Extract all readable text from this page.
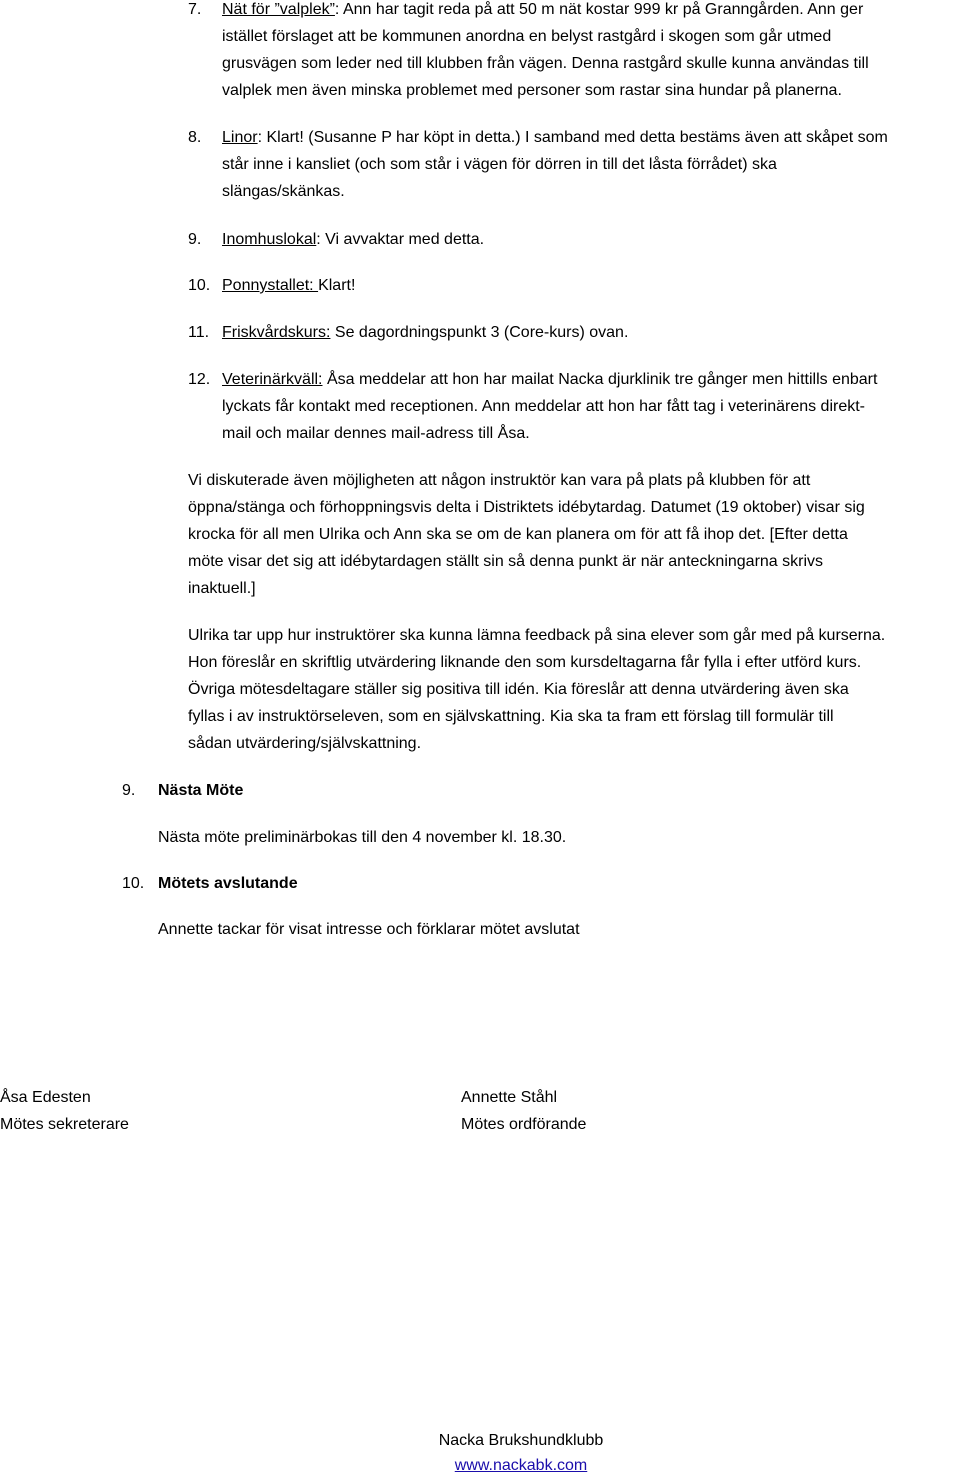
7. Nät för ”valplek”: Ann har tagit reda på att 50 m nät kostar 999 kr på Granngården. Ann ger
istället förslaget att be kommunen anordna en belyst rastgård i skogen som går utmed
grusvägen som leder ned till klubben från vägen. Denna rastgård skulle kunna användas till
valplek men även minska problemet med personer som rastar sina hundar på planerna.
8. Linor: Klart! (Susanne P har köpt in detta.) I samband med detta bestäms även att skåpet som
står inne i kansliet (och som står i vägen för dörren in till det låsta förrådet) ska
slängas/skänkas.
9. Inomhuslokal: Vi avvaktar med detta.
10. Ponnystallet: Klart!
11. Friskvårdskurs: Se dagordningspunkt 3 (Core-kurs) ovan.
12. Veterinärkväll: Åsa meddelar att hon har mailat Nacka djurklinik tre gånger men hittills enbart
lyckats får kontakt med receptionen. Ann meddelar att hon har fått tag i veterinärens direkt-
mail och mailar dennes mail-adress till Åsa.
Vi diskuterade även möjligheten att någon instruktör kan vara på plats på klubben för att
öppna/stänga och förhoppningsvis delta i Distriktets idébytardag. Datumet (19 oktober) visar sig
krocka för all men Ulrika och Ann ska se om de kan planera om för att få ihop det. [Efter detta
möte visar det sig att idébytardagen ställt sin så denna punkt är när anteckningarna skrivs
inaktuell.]
Ulrika tar upp hur instruktörer ska kunna lämna feedback på sina elever som går med på kurserna.
Hon föreslår en skriftlig utvärdering liknande den som kursdeltagarna får fylla i efter utförd kurs.
Övriga mötesdeltagare ställer sig positiva till idén. Kia föreslår att denna utvärdering även ska
fyllas i av instruktörseleven, som en självskattning. Kia ska ta fram ett förslag till formulär till
sådan utvärdering/självskattning.
9. Nästa Möte
Nästa möte preliminärbokas till den 4 november kl. 18.30.
10. Mötets avslutande
Annette tackar för visat intresse och förklarar mötet avslutat
Åsa Edesten
Mötes sekreterare
Annette Ståhl
Mötes ordförande
Nacka Brukshundklubb
www.nackabk.com
